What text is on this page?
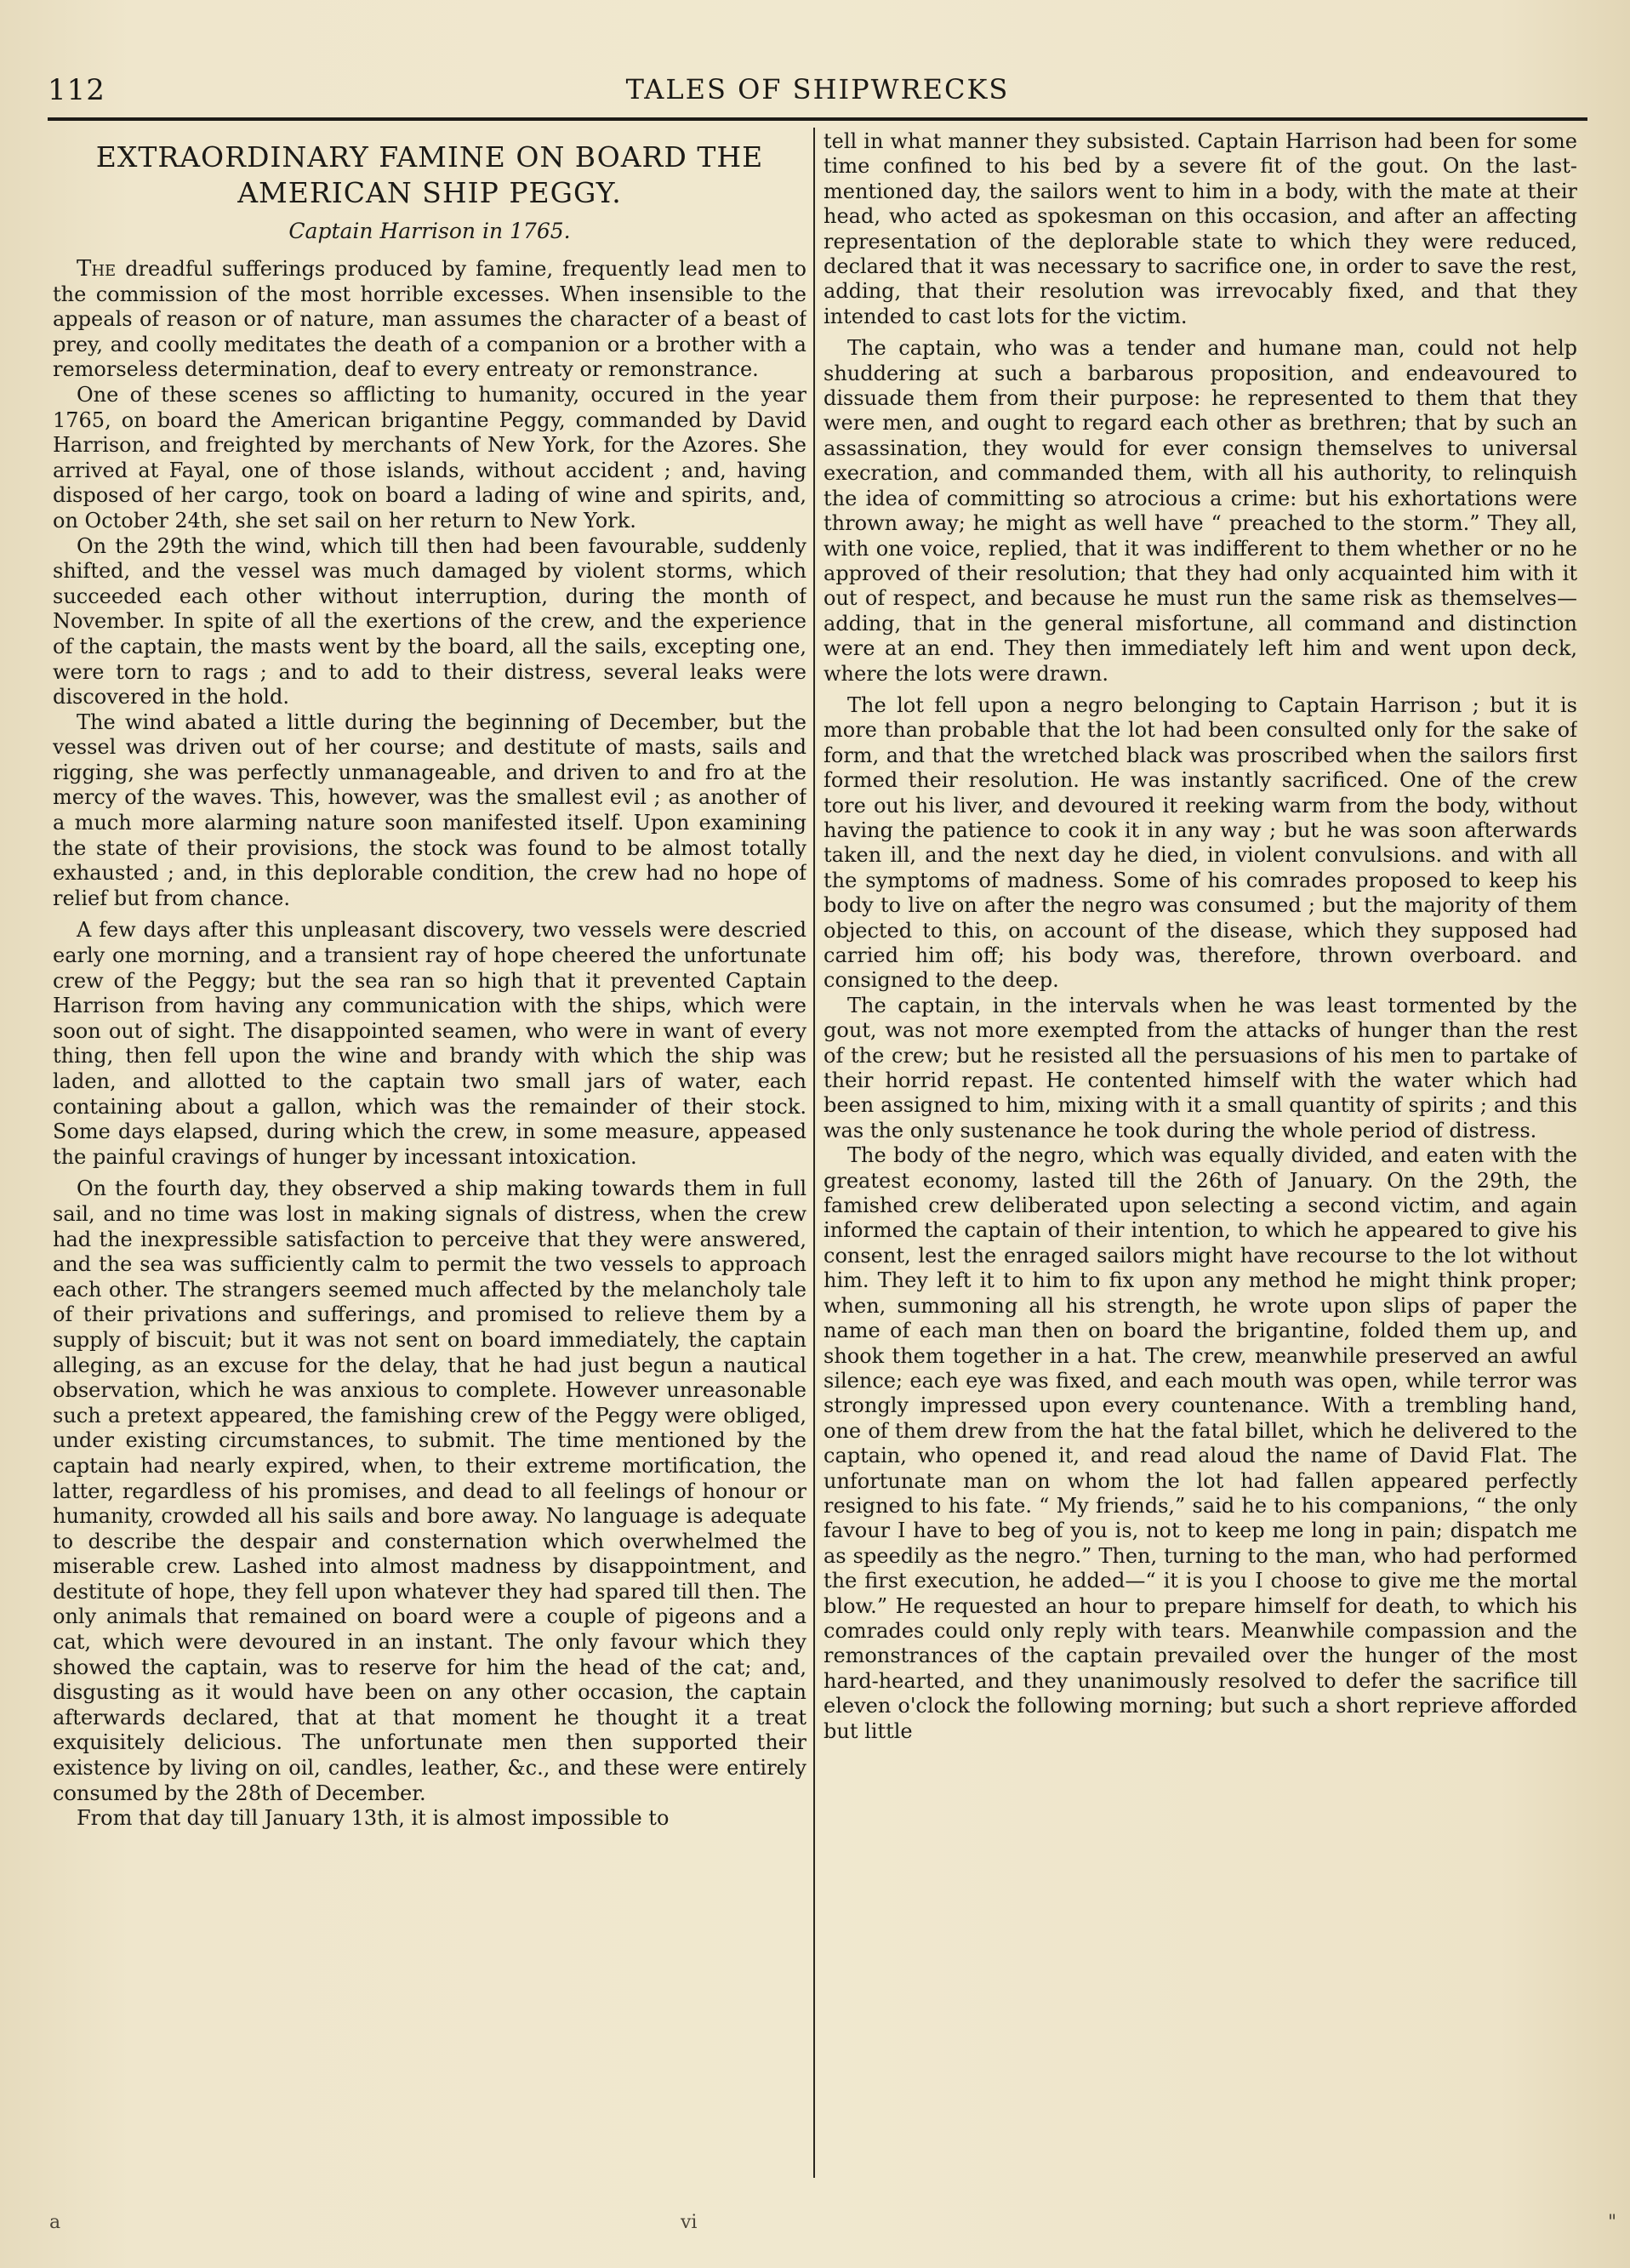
112	TALES OF SHIPWRECKS
EXTRAORDINARY FAMINE ON BOARD THE
AMERICAN SHIP PEGGY.
Captain Harrison in 1765.

The dreadful sufferings produced by famine, frequently lead men to the commission of the most horrible excesses. When insensible to the appeals of reason or of nature, man assumes the character of a beast of prey, and coolly meditates the death of a companion or a brother with a remorseless determination, deaf to every entreaty or remonstrance.

One of these scenes so afflicting to humanity, occured in the year 1765, on board the American brigantine Peggy, commanded by David Harrison, and freighted by merchants of New York, for the Azores. She arrived at Fayal, one of those islands, without accident ; and, having disposed of her cargo, took on board a lading of wine and spirits, and, on October 24th, she set sail on her return to New York.

On the 29th the wind, which till then had been favourable, suddenly shifted, and the vessel was much damaged by violent storms, which succeeded each other without interruption, during the month of November. In spite of all the exertions of the crew, and the experience of the captain, the masts went by the board, all the sails, excepting one, were torn to rags ; and to add to their distress, several leaks were discovered in the hold.

The wind abated a little during the beginning of December, but the vessel was driven out of her course; and destitute of masts, sails and rigging, she was perfectly unmanageable, and driven to and fro at the mercy of the waves. This, however, was the smallest evil ; as another of a much more alarming nature soon manifested itself. Upon examining the state of their provisions, the stock was found to be almost totally exhausted ; and, in this deplorable condition, the crew had no hope of relief but from chance.

A few days after this unpleasant discovery, two vessels were descried early one morning, and a transient ray of hope cheered the unfortunate crew of the Peggy; but the sea ran so high that it prevented Captain Harrison from having any communication with the ships, which were soon out of sight. The disappointed seamen, who were in want of every thing, then fell upon the wine and brandy with which the ship was laden, and allotted to the captain two small jars of water, each containing about a gallon, which was the remainder of their stock. Some days elapsed, during which the crew, in some measure, appeased the painful cravings of hunger by incessant intoxication.

On the fourth day, they observed a ship making towards them in full sail, and no time was lost in making signals of distress, when the crew had the inexpressible satisfaction to perceive that they were answered, and the sea was sufficiently calm to permit the two vessels to approach each other. The strangers seemed much affected by the melancholy tale of their privations and sufferings, and promised to relieve them by a supply of biscuit; but it was not sent on board immediately, the captain alleging, as an excuse for the delay, that he had just begun a nautical observation, which he was anxious to complete. However unreasonable such a pretext appeared, the famishing crew of the Peggy were obliged, under existing circumstances, to submit. The time mentioned by the captain had nearly expired, when, to their extreme mortification, the latter, regardless of his promises, and dead to all feelings of honour or humanity, crowded all his sails and bore away. No language is adequate to describe the despair and consternation which overwhelmed the miserable crew. Lashed into almost madness by disappointment, and destitute of hope, they fell upon whatever they had spared till then. The only animals that remained on board were a couple of pigeons and a cat, which were devoured in an instant. The only favour which they showed the captain, was to reserve for him the head of the cat; and, disgusting as it would have been on any other occasion, the captain afterwards declared, that at that moment he thought it a treat exquisitely delicious. The unfortunate men then supported their existence by living on oil, candles, leather, &c., and these were entirely consumed by the 28th of December.

From that day till January 13th, it is almost impossible to

tell in what manner they subsisted. Captain Harrison had been for some time confined to his bed by a severe fit of the gout. On the last-mentioned day, the sailors went to him in a body, with the mate at their head, who acted as spokesman on this occasion, and after an affecting representation of the deplorable state to which they were reduced, declared that it was necessary to sacrifice one, in order to save the rest, adding, that their resolution was irrevocably fixed, and that they intended to cast lots for the victim.

The captain, who was a tender and humane man, could not help shuddering at such a barbarous proposition, and endeavoured to dissuade them from their purpose: he represented to them that they were men, and ought to regard each other as brethren; that by such an assassination, they would for ever consign themselves to universal execration, and commanded them, with all his authority, to relinquish the idea of committing so atrocious a crime: but his exhortations were thrown away; he might as well have “ preached to the storm.” They all, with one voice, replied, that it was indifferent to them whether or no he approved of their resolution; that they had only acquainted him with it out of respect, and because he must run the same risk as themselves—adding, that in the general misfortune, all command and distinction were at an end. They then immediately left him and went upon deck, where the lots were drawn.

The lot fell upon a negro belonging to Captain Harrison ; but it is more than probable that the lot had been consulted only for the sake of form, and that the wretched black was proscribed when the sailors first formed their resolution. He was instantly sacrificed. One of the crew tore out his liver, and devoured it reeking warm from the body, without having the patience to cook it in any way ; but he was soon afterwards taken ill, and the next day he died, in violent convulsions. and with all the symptoms of madness. Some of his comrades proposed to keep his body to live on after the negro was consumed ; but the majority of them objected to this, on account of the disease, which they supposed had carried him off; his body was, therefore, thrown overboard. and consigned to the deep.

The captain, in the intervals when he was least tormented by the gout, was not more exempted from the attacks of hunger than the rest of the crew; but he resisted all the persuasions of his men to partake of their horrid repast. He contented himself with the water which had been assigned to him, mixing with it a small quantity of spirits ; and this was the only sustenance he took during the whole period of distress.

The body of the negro, which was equally divided, and eaten with the greatest economy, lasted till the 26th of January. On the 29th, the famished crew deliberated upon selecting a second victim, and again informed the captain of their intention, to which he appeared to give his consent, lest the enraged sailors might have recourse to the lot without him. They left it to him to fix upon any method he might think proper; when, summoning all his strength, he wrote upon slips of paper the name of each man then on board the brigantine, folded them up, and shook them together in a hat. The crew, meanwhile preserved an awful silence; each eye was fixed, and each mouth was open, while terror was strongly impressed upon every countenance. With a trembling hand, one of them drew from the hat the fatal billet, which he delivered to the captain, who opened it, and read aloud the name of David Flat. The unfortunate man on whom the lot had fallen appeared perfectly resigned to his fate. “ My friends,” said he to his companions, “ the only favour I have to beg of you is, not to keep me long in pain; dispatch me as speedily as the negro.” Then, turning to the man, who had performed the first execution, he added—“ it is you I choose to give me the mortal blow.” He requested an hour to prepare himself for death, to which his comrades could only reply with tears. Meanwhile compassion and the remonstrances of the captain prevailed over the hunger of the most hard-hearted, and they unanimously resolved to defer the sacrifice till eleven o'clock the following morning; but such a short reprieve afforded but little

a	vi	"
